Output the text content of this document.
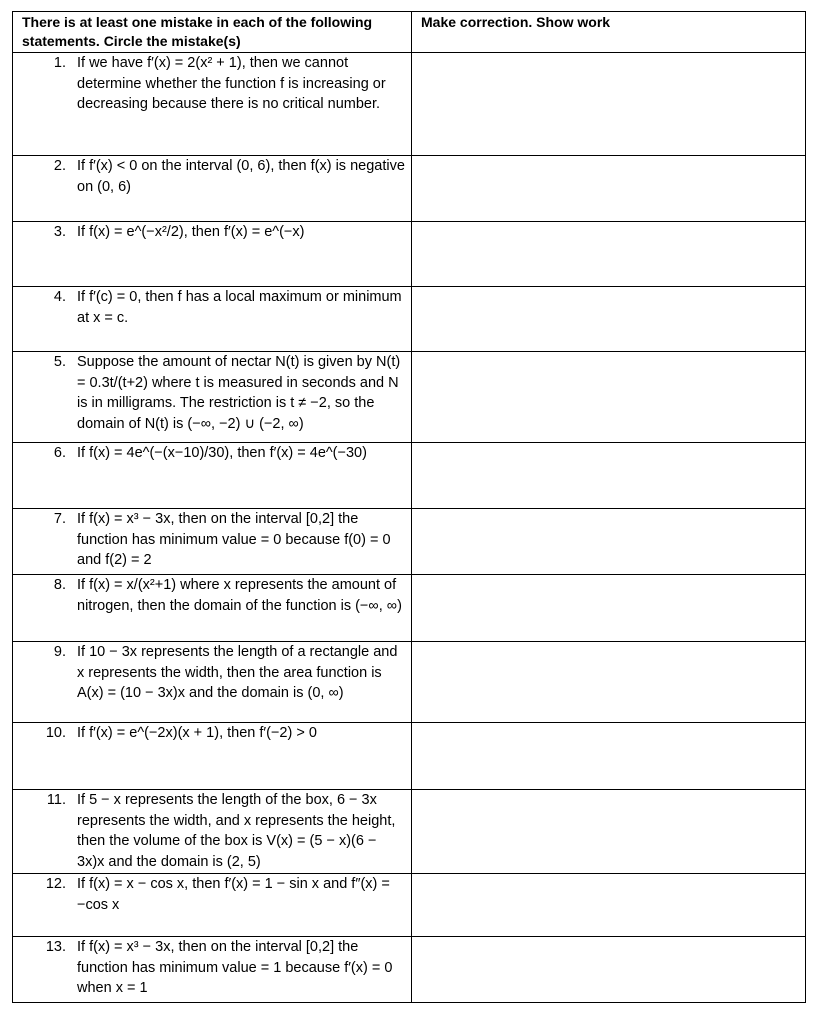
There is at least one mistake in each of the following statements. Circle the mistake(s)	Make correction. Show work

1. If we have f′(x) = 2(x² + 1), then we cannot determine whether the function f is increasing or decreasing because there is no critical number.	

2. If f′(x) < 0 on the interval (0, 6), then f(x) is negative on (0, 6)	

3. If f(x) = e^(−x²/2), then f′(x) = e^(−x)	

4. If f′(c) = 0, then f has a local maximum or minimum at x = c.	

5. Suppose the amount of nectar N(t) is given by N(t) = 0.3t/(t+2) where t is measured in seconds and N is in milligrams. The restriction is t ≠ −2, so the domain of N(t) is (−∞, −2) ∪ (−2, ∞)	

6. If f(x) = 4e^(−(x−10)/30), then f′(x) = 4e^(−30)	

7. If f(x) = x³ − 3x, then on the interval [0,2] the function has minimum value = 0 because f(0) = 0 and f(2) = 2	

8. If f(x) = x/(x²+1) where x represents the amount of nitrogen, then the domain of the function is (−∞, ∞)	

9. If 10 − 3x represents the length of a rectangle and x represents the width, then the area function is A(x) = (10 − 3x)x and the domain is (0, ∞)	

10. If f′(x) = e^(−2x)(x + 1), then f′(−2) > 0	

11. If 5 − x represents the length of the box, 6 − 3x represents the width, and x represents the height, then the volume of the box is V(x) = (5 − x)(6 − 3x)x and the domain is (2, 5)	

12. If f(x) = x − cos x, then f′(x) = 1 − sin x and f″(x) = −cos x	

13. If f(x) = x³ − 3x, then on the interval [0,2] the function has minimum value = 1 because f′(x) = 0 when x = 1	
